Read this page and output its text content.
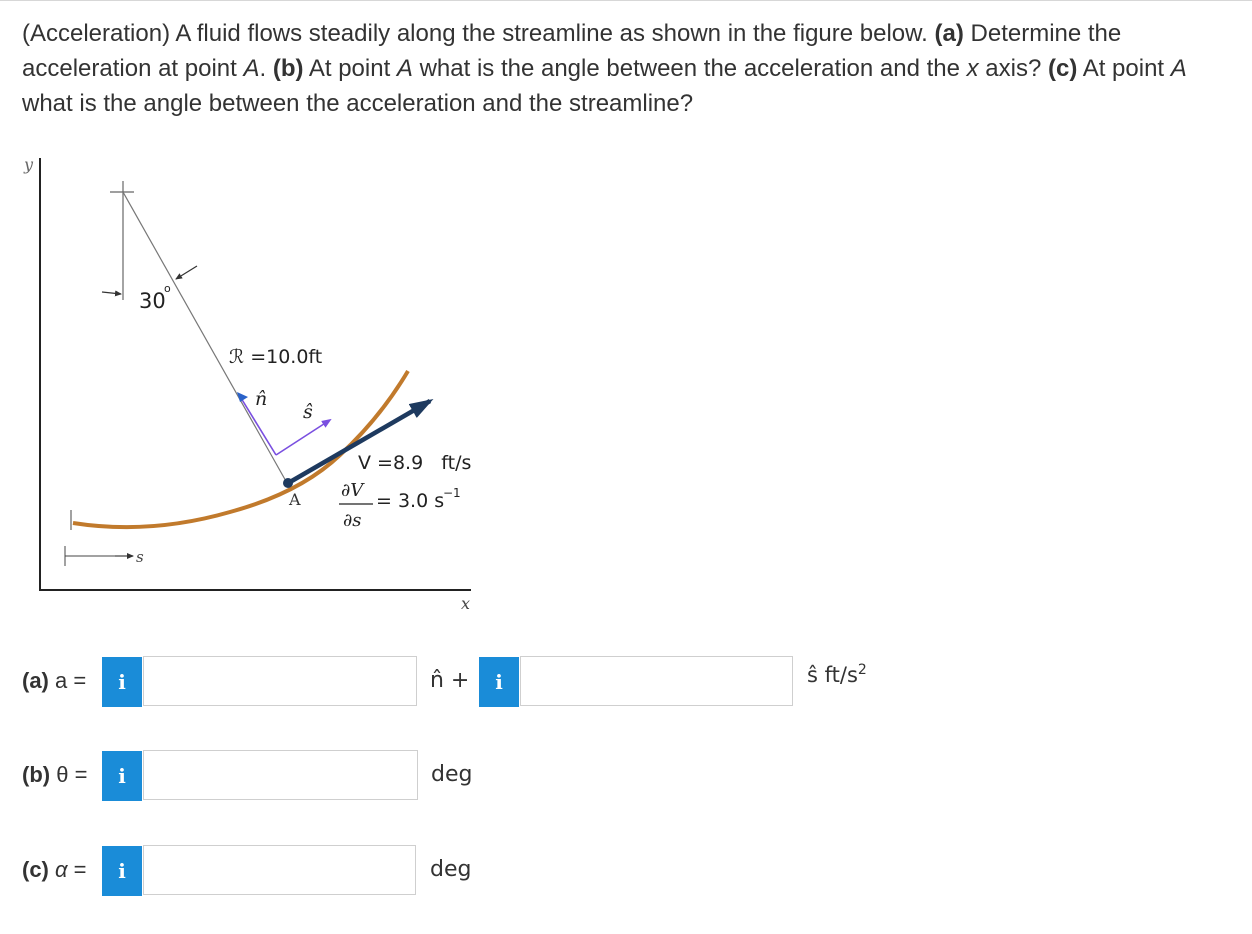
(Acceleration) A fluid flows steadily along the streamline as shown in the figure below. (a) Determine the acceleration at point A. (b) At point A what is the angle between the acceleration and the x axis? (c) At point A what is the angle between the acceleration and the streamline?
y
x
30
o
ℛ =10.0ft
s
n̂
ŝ
A
V =8.9   ft/s
∂V
∂s
= 3.0 s
−1
(a) a =	i	n̂ +	i	ŝ $ft/s^2$
(b) θ =	i	deg
(c) α =	i	deg
